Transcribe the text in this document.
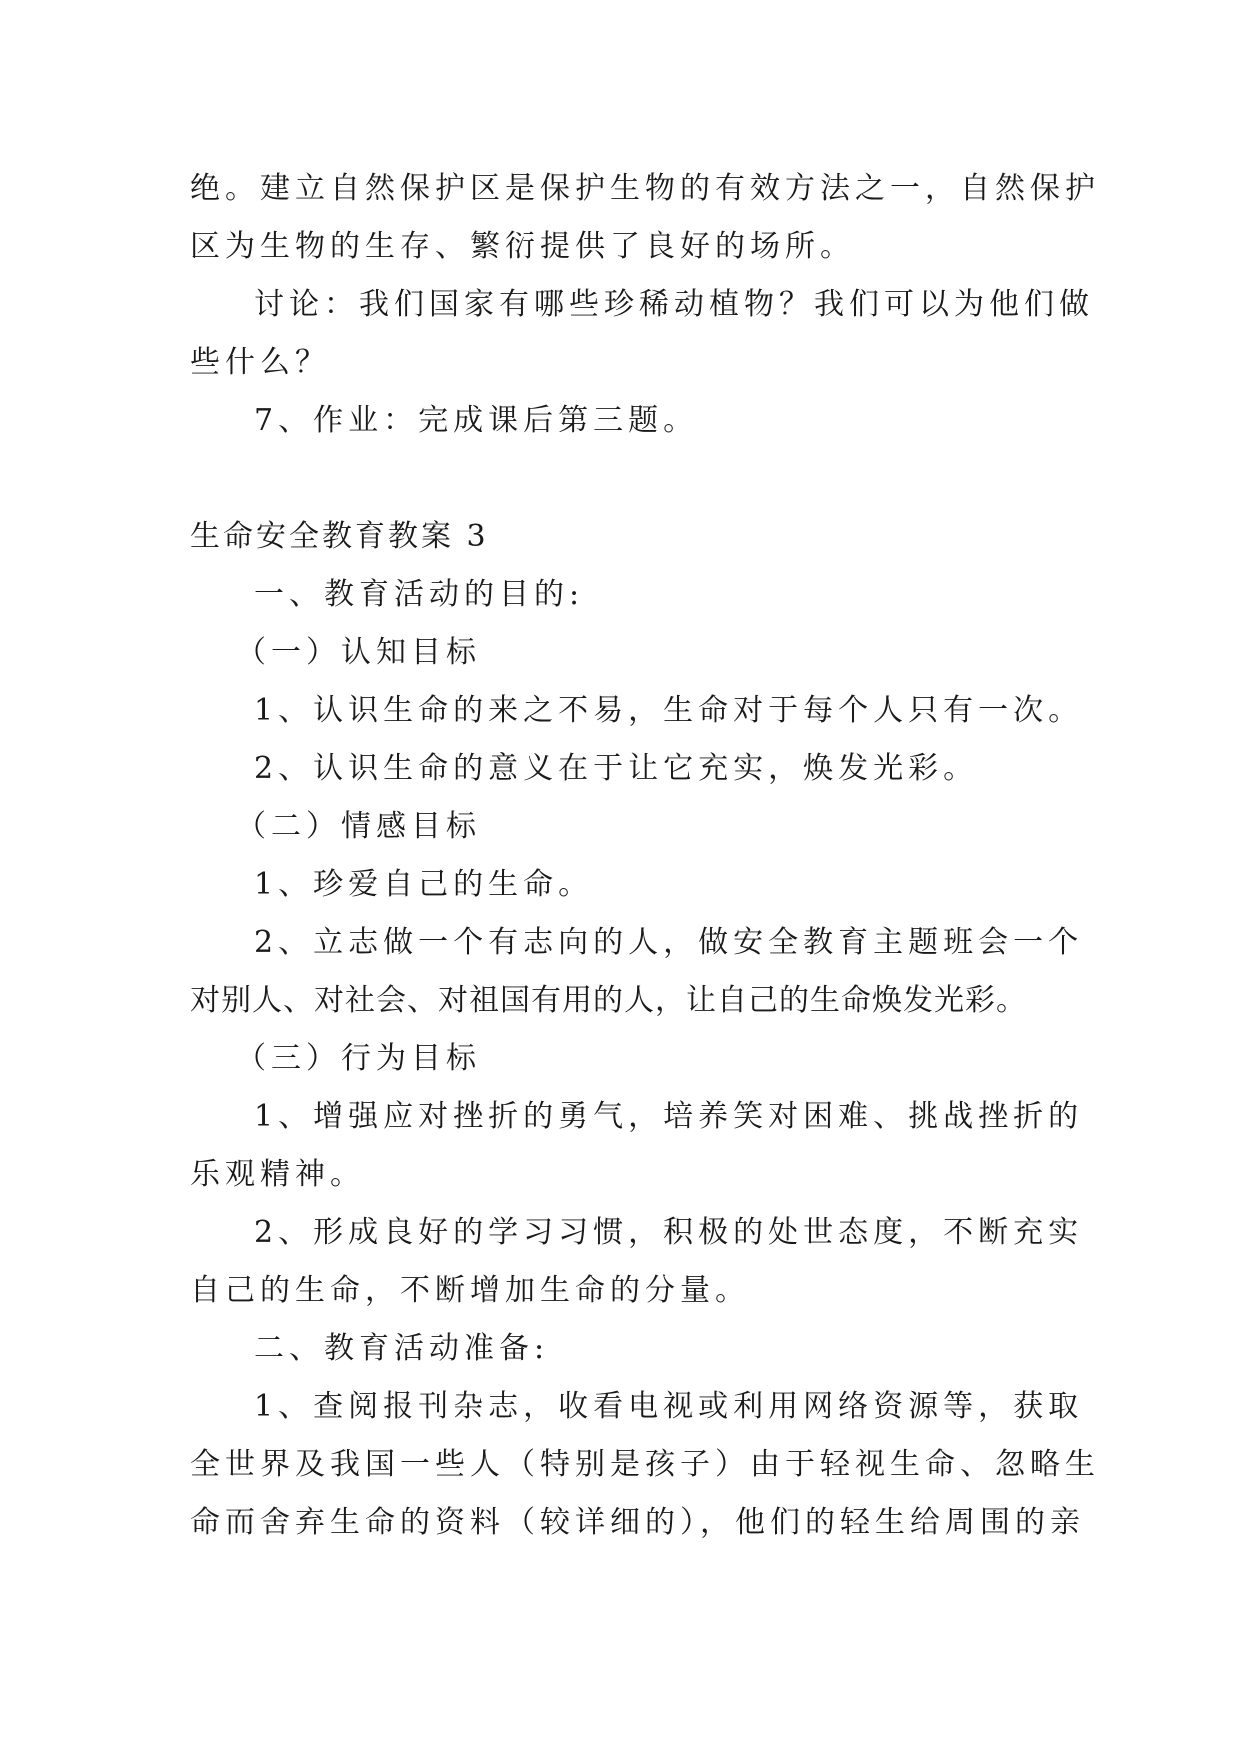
绝。建立自然保护区是保护生物的有效方法之一，自然保护
区为生物的生存、繁衍提供了良好的场所。
讨论：我们国家有哪些珍稀动植物？我们可以为他们做
些什么？
7、作业：完成课后第三题。
生命安全教育教案 3
一、教育活动的目的:
（一）认知目标
1、认识生命的来之不易，生命对于每个人只有一次。
2、认识生命的意义在于让它充实，焕发光彩。
（二）情感目标
1、珍爱自己的生命。
2、立志做一个有志向的人，做安全教育主题班会一个
对别人、对社会、对祖国有用的人，让自己的生命焕发光彩。
（三）行为目标
1、增强应对挫折的勇气，培养笑对困难、挑战挫折的
乐观精神。
2、形成良好的学习习惯，积极的处世态度，不断充实
自己的生命，不断增加生命的分量。
二、教育活动准备:
1、查阅报刊杂志，收看电视或利用网络资源等，获取
全世界及我国一些人（特别是孩子）由于轻视生命、忽略生
命而舍弃生命的资料（较详细的），他们的轻生给周围的亲
